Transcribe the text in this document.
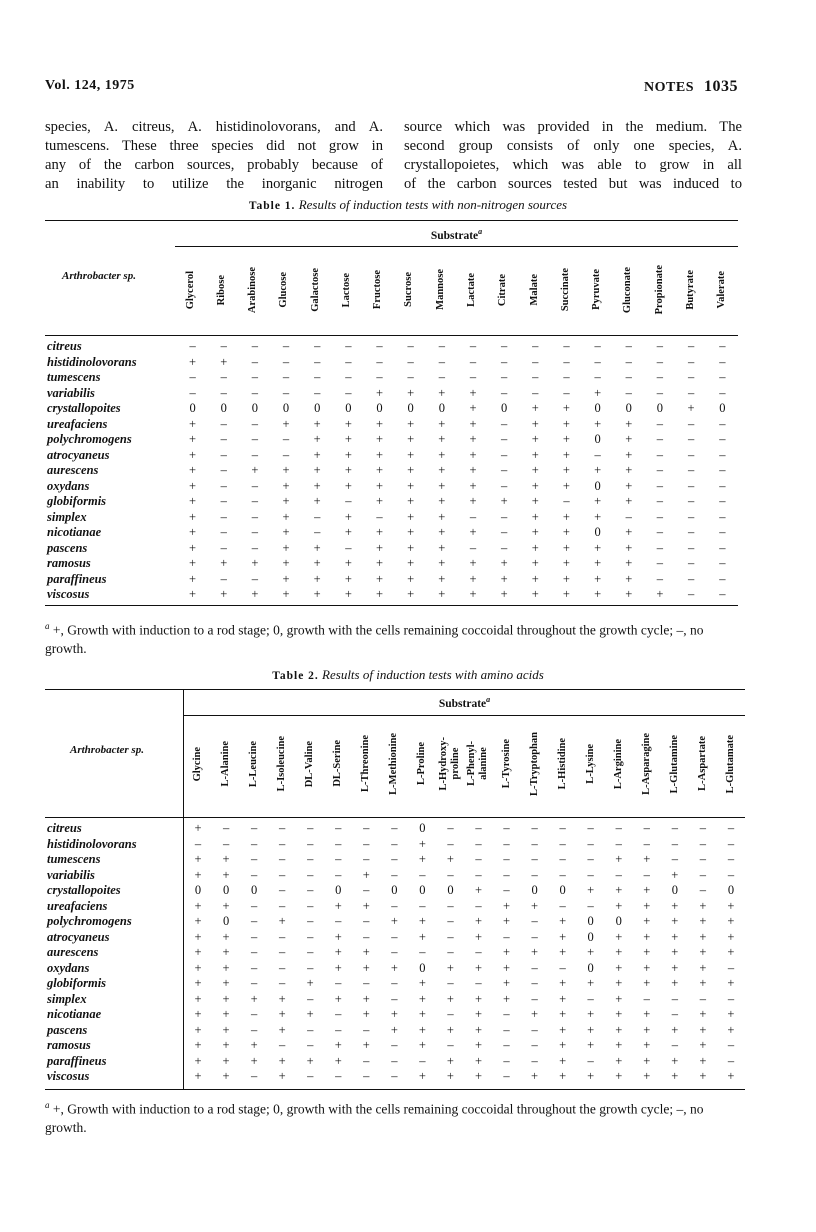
Vol. 124, 1975	NOTES 1035
species, A. citreus, A. histidinolovorans, and A.
tumescens. These three species did not grow in
any of the carbon sources, probably because of
an inability to utilize the inorganic nitrogen
source which was provided in the medium. The
second group consists of only one species, A.
crystallopoietes, which was able to grow in all
of the carbon sources tested but was induced to
Table 1. Results of induction tests with non-nitrogen sources
Substrate$^a$
Arthrobacter sp.	Glycerol	Ribose	Arabinose	Glucose	Galactose	Lactose	Fructose	Sucrose	Mannose	Lactate	Citrate	Malate	Succinate	Pyruvate	Gluconate	Propionate	Butyrate	Valerate
citreus	–	–	–	–	–	–	–	–	–	–	–	–	–	–	–	–	–	–
histidinolovorans	+	+	–	–	–	–	–	–	–	–	–	–	–	–	–	–	–	–
tumescens	–	–	–	–	–	–	–	–	–	–	–	–	–	–	–	–	–	–
variabilis	–	–	–	–	–	–	+	+	+	+	–	–	–	+	–	–	–	–
crystallopoites	0	0	0	0	0	0	0	0	0	+	0	+	+	0	0	0	+	0
ureafaciens	+	–	–	+	+	+	+	+	+	+	–	+	+	+	+	–	–	–
polychromogens	+	–	–	–	+	+	+	+	+	+	–	+	+	0	+	–	–	–
atrocyaneus	+	–	–	–	+	+	+	+	+	+	–	+	+	–	+	–	–	–
aurescens	+	–	+	+	+	+	+	+	+	+	–	+	+	+	+	–	–	–
oxydans	+	–	–	+	+	+	+	+	+	+	–	+	+	0	+	–	–	–
globiformis	+	–	–	+	+	–	+	+	+	+	+	+	–	+	+	–	–	–
simplex	+	–	–	+	–	+	–	+	+	–	–	+	+	+	–	–	–	–
nicotianae	+	–	–	+	–	+	+	+	+	+	–	+	+	0	+	–	–	–
pascens	+	–	–	+	+	–	+	+	+	–	–	+	+	+	+	–	–	–
ramosus	+	+	+	+	+	+	+	+	+	+	+	+	+	+	+	–	–	–
paraffineus	+	–	–	+	+	+	+	+	+	+	+	+	+	+	+	–	–	–
viscosus	+	+	+	+	+	+	+	+	+	+	+	+	+	+	+	+	–	–
$^a$ +, Growth with induction to a rod stage; 0, growth with the cells remaining coccoidal throughout the growth cycle; –, no growth.
Table 2. Results of induction tests with amino acids
Substrate$^a$
Arthrobacter sp.	Glycine	L-Alanine	L-Leucine	L-Isoleucine	DL-Valine	DL-Serine	L-Threonine	L-Methionine	L-Proline	L-Hydroxy-
proline	L-Phenyl-
alanine	L-Tyrosine	L-Tryptophan	L-Histidine	L-Lysine	L-Arginine	L-Asparagine	L-Glutamine	L-Aspartate	L-Glutamate
citreus	+	–	–	–	–	–	–	–	0	–	–	–	–	–	–	–	–	–	–	–
histidinolovorans	–	–	–	–	–	–	–	–	+	–	–	–	–	–	–	–	–	–	–	–
tumescens	+	+	–	–	–	–	–	–	+	+	–	–	–	–	–	+	+	–	–	–
variabilis	+	+	–	–	–	–	+	–	–	–	–	–	–	–	–	–	–	+	–	–
crystallopoites	0	0	0	–	–	0	–	0	0	0	+	–	0	0	+	+	+	0	–	0
ureafaciens	+	+	–	–	–	+	+	–	–	–	–	+	+	–	–	+	+	+	+	+
polychromogens	+	0	–	+	–	–	–	+	+	–	+	+	–	+	0	0	+	+	+	+
atrocyaneus	+	+	–	–	–	+	–	–	+	–	+	–	–	+	0	+	+	+	+	+
aurescens	+	+	–	–	–	+	+	–	–	–	–	+	+	+	+	+	+	+	+	+
oxydans	+	+	–	–	–	+	+	+	0	+	+	+	–	–	0	+	+	+	+	–
globiformis	+	+	–	–	+	–	–	–	+	–	–	+	–	+	+	+	+	+	+	+
simplex	+	+	+	+	–	+	+	–	+	+	+	+	–	+	–	+	–	–	–	–
nicotianae	+	+	–	+	+	–	+	+	+	–	+	–	+	+	+	+	+	–	+	+
pascens	+	+	–	+	–	–	–	+	+	+	+	–	–	+	+	+	+	+	+	+
ramosus	+	+	+	–	–	+	+	–	+	–	+	–	–	+	+	+	+	–	+	–
paraffineus	+	+	+	+	+	+	–	–	–	+	+	–	–	+	–	+	+	+	+	–
viscosus	+	+	–	+	–	–	–	–	+	+	+	–	+	+	+	+	+	+	+	+
$^a$ +, Growth with induction to a rod stage; 0, growth with the cells remaining coccoidal throughout the growth cycle; –, no growth.
